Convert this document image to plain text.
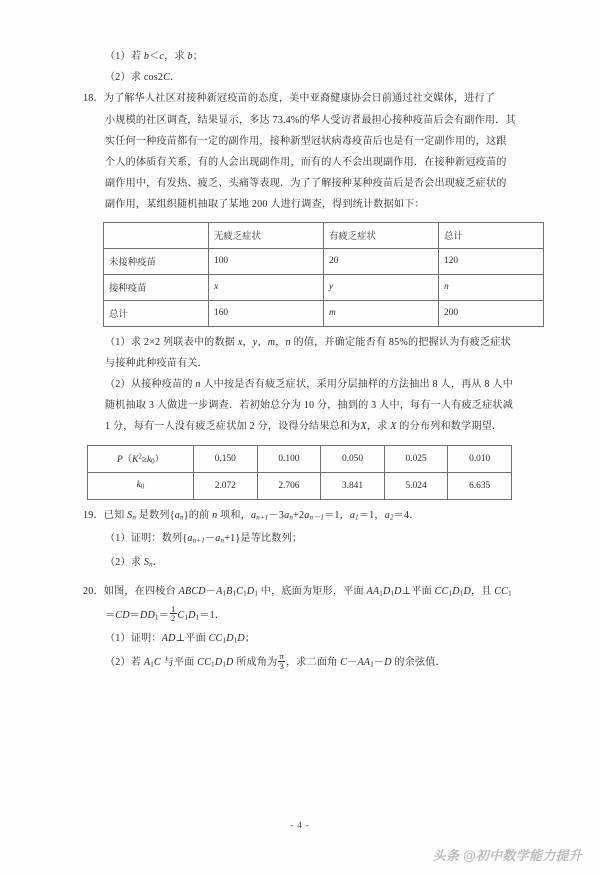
（1）若 b＜c，求 b；
（2）求 cos2C．
18．为了解华人社区对接种新冠疫苗的态度，美中亚裔健康协会日前通过社交媒体，进行了
小规模的社区调查，结果显示，多达 73.4%的华人受访者最担心接种疫苗后会有副作用．其
实任何一种疫苗都有一定的副作用，接种新型冠状病毒疫苗后也是有一定副作用的，这跟
个人的体质有关系，有的人会出现副作用，而有的人不会出现副作用．在接种新冠疫苗的
副作用中，有发热、疲乏、头痛等表现．为了了解接种某种疫苗后是否会出现疲乏症状的
副作用，某组织随机抽取了某地 200 人进行调查，得到统计数据如下：
	无疲乏症状	有疲乏症状	总计
未接种疫苗	100	20	120
接种疫苗	x	y	n
总计	160	m	200
（1）求 2×2 列联表中的数据 x，y，m，n 的值，并确定能否有 85%的把握认为有疲乏症状
与接种此种疫苗有关．
（2）从接种疫苗的 n 人中按是否有疲乏症状，采用分层抽样的方法抽出 8 人，再从 8 人中
随机抽取 3 人做进一步调查．若初始总分为 10 分，抽到的 3 人中，每有一人有疲乏症状减
1 分，每有一人没有疲乏症状加 2 分，设得分结果总和为X，求 X 的分布列和数学期望．
$P(K^2\ge k0)$	0.150	0.100	0.050	0.025	0.010
k0	2.072	2.706	3.841	5.024	6.635
19．已知 $S_n$ 是数列$\{a_n\}$的前 n 项和，$a_{n+1}-3a_n+2a_{n-1}=1$，$a_1=1$，$a_2=4$．
（1）证明：数列$\{a_{n+1}-a_n+1\}$是等比数列；
（2）求 $S_n$．
20．如图，在四棱台 ABCD－A1B1C1D1 中，底面为矩形，平面 AA1D1D⊥平面 CC1D1D，且 CC1
$=CD=DD1= \frac{1}{2} C1D1=1$．
（1）证明：AD⊥平面 CC1D1D；
（2）若 A1C 与平面 CC1D1D 所成角为 $\frac{\pi}{3}$ ，求二面角 C－AA1－D 的余弦值．
- 4 -
头条 @初中数学能力提升
